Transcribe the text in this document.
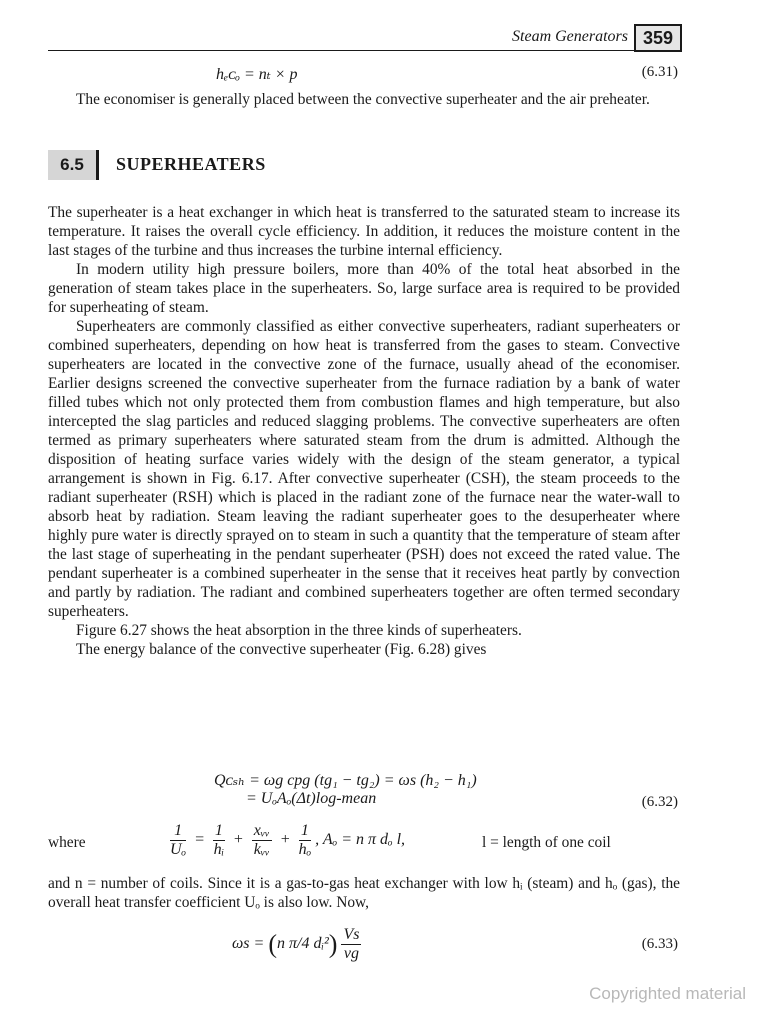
Steam Generators 359
hₑᴄₒ = nₜ × p	(6.31)

The economiser is generally placed between the convective superheater and the air preheater.

6.5	SUPERHEATERS

The superheater is a heat exchanger in which heat is transferred to the saturated steam to increase its temperature. It raises the overall cycle efficiency. In addition, it reduces the moisture content in the last stages of the turbine and thus increases the turbine internal efficiency.

In modern utility high pressure boilers, more than 40% of the total heat absorbed in the generation of steam takes place in the superheaters. So, large surface area is required to be provided for superheating of steam.

Superheaters are commonly classified as either convective superheaters, radiant superheaters or combined superheaters, depending on how heat is transferred from the gases to steam. Convective superheaters are located in the convective zone of the furnace, usually ahead of the economiser. Earlier designs screened the convective superheater from the furnace radiation by a bank of water filled tubes which not only protected them from combustion flames and high temperature, but also intercepted the slag particles and reduced slagging problems. The convective superheaters are often termed as primary superheaters where saturated steam from the drum is admitted. Although the disposition of heating surface varies widely with the design of the steam generator, a typical arrangement is shown in Fig. 6.17. After convective superheater (CSH), the steam proceeds to the radiant superheater (RSH) which is placed in the radiant zone of the furnace near the water-wall to absorb heat by radiation. Steam leaving the radiant superheater goes to the desuperheater where highly pure water is directly sprayed on to steam in such a quantity that the temperature of steam after the last stage of superheating in the pendant superheater (PSH) does not exceed the rated value. The pendant superheater is a combined superheater in the sense that it receives heat partly by convection and partly by radiation. The radiant and combined superheaters together are often termed secondary superheaters.

Figure 6.27 shows the heat absorption in the three kinds of superheaters.

The energy balance of the convective superheater (Fig. 6.28) gives

Qᴄₛₕ = ωg cpg (tg₁ − tg₂) = ωs (h₂ − h₁)
= UₒAₒ(Δt)log-mean	(6.32)
where	$\frac{1}{\text{Uₒ}} = \frac{1}{\text{hᵢ}} + \frac{\text{xᵥᵥ}}{\text{kᵥᵥ}} + \frac{1}{\text{hₒ}}$ , Aₒ = n π dₒ l,	l = length of one coil

and n = number of coils. Since it is a gas-to-gas heat exchanger with low hᵢ (steam) and hₒ (gas), the overall heat transfer coefficient Uₒ is also low. Now,

ωs = (n π/4 dᵢ²) $\frac{Vs}{vg}$	(6.33)
Copyrighted material
